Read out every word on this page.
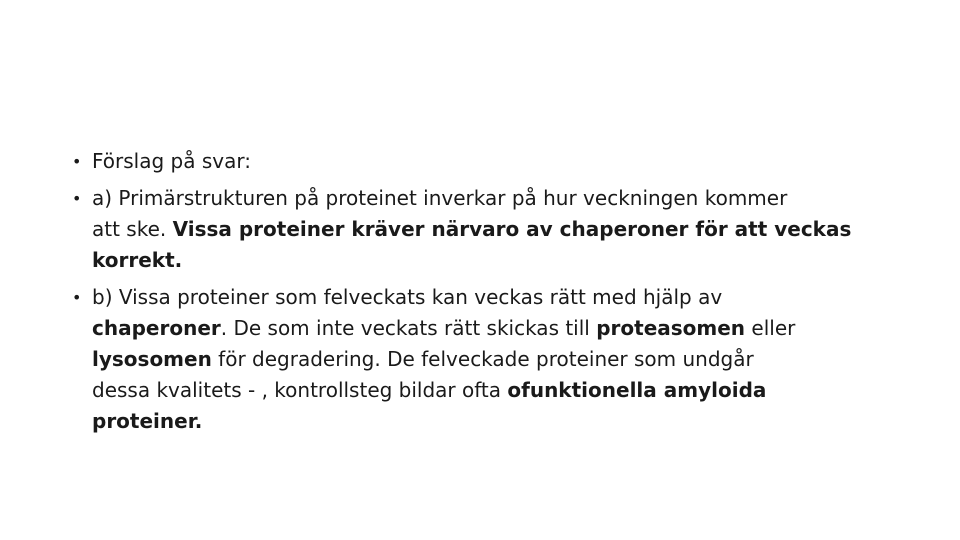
• Förslag på svar:
• a) Primärstrukturen på proteinet inverkar på hur veckningen kommer
att ske. Vissa proteiner kräver närvaro av chaperoner för att veckas
korrekt.
• b) Vissa proteiner som felveckats kan veckas rätt med hjälp av
chaperoner. De som inte veckats rätt skickas till proteasomen eller
lysosomen för degradering. De felveckade proteiner som undgår
dessa kvalitets - , kontrollsteg bildar ofta ofunktionella amyloida
proteiner.
